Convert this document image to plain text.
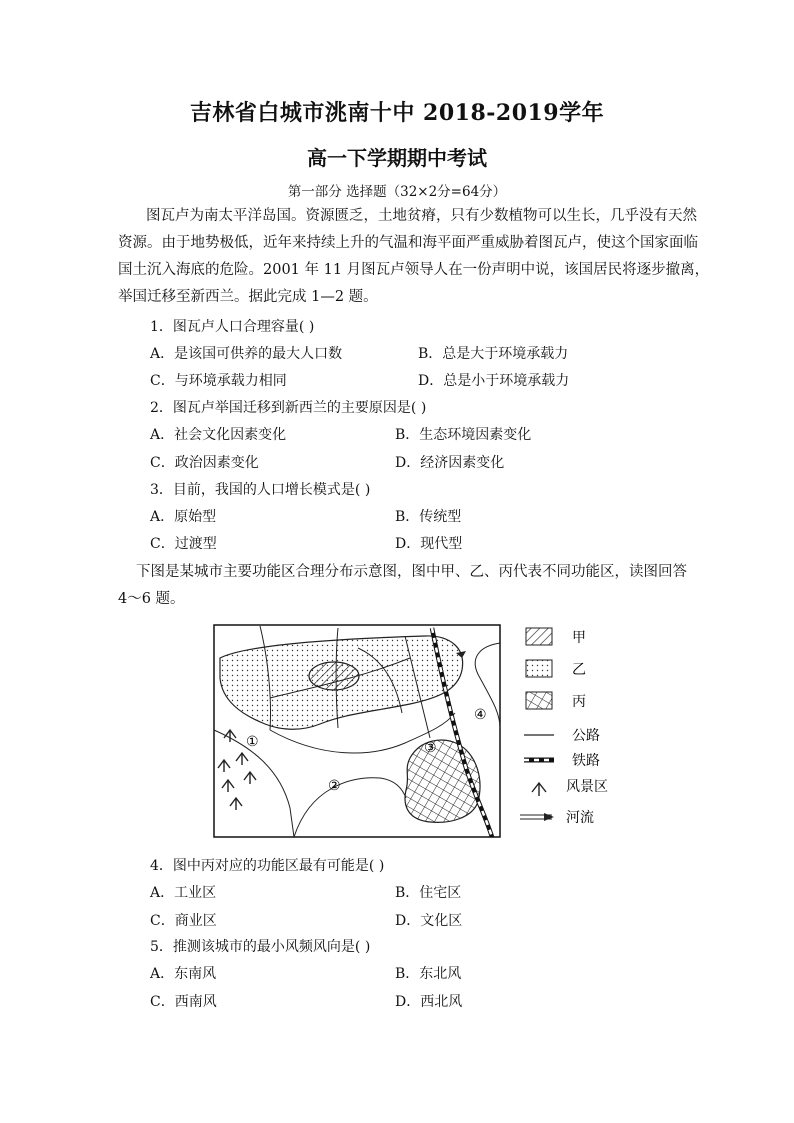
吉林省白城市洮南十中 2018-2019学年
高一下学期期中考试
第一部分 选择题（32×2分=64分）
图瓦卢为南太平洋岛国。资源匮乏，土地贫瘠，只有少数植物可以生长，几乎没有天然
资源。由于地势极低，近年来持续上升的气温和海平面严重威胁着图瓦卢，使这个国家面临
国土沉入海底的危险。2001 年 11 月图瓦卢领导人在一份声明中说，该国居民将逐步撤离，
举国迁移至新西兰。据此完成 1—2 题。
1．图瓦卢人口合理容量( )
A．是该国可供养的最大人口数	B．总是大于环境承载力
C．与环境承载力相同	D．总是小于环境承载力
2．图瓦卢举国迁移到新西兰的主要原因是( )
A．社会文化因素变化	B．生态环境因素变化
C．政治因素变化	D．经济因素变化
3．目前，我国的人口增长模式是( )
A．原始型	B．传统型
C．过渡型	D．现代型
下图是某城市主要功能区合理分布示意图，图中甲、乙、丙代表不同功能区，读图回答
4～6 题。
①
②
③
④
甲
乙
丙
公路
铁路
风景区
河流
4．图中丙对应的功能区最有可能是( )
A．工业区	B．住宅区
C．商业区	D．文化区
5．推测该城市的最小风频风向是( )
A．东南风	B．东北风
C．西南风	D．西北风
